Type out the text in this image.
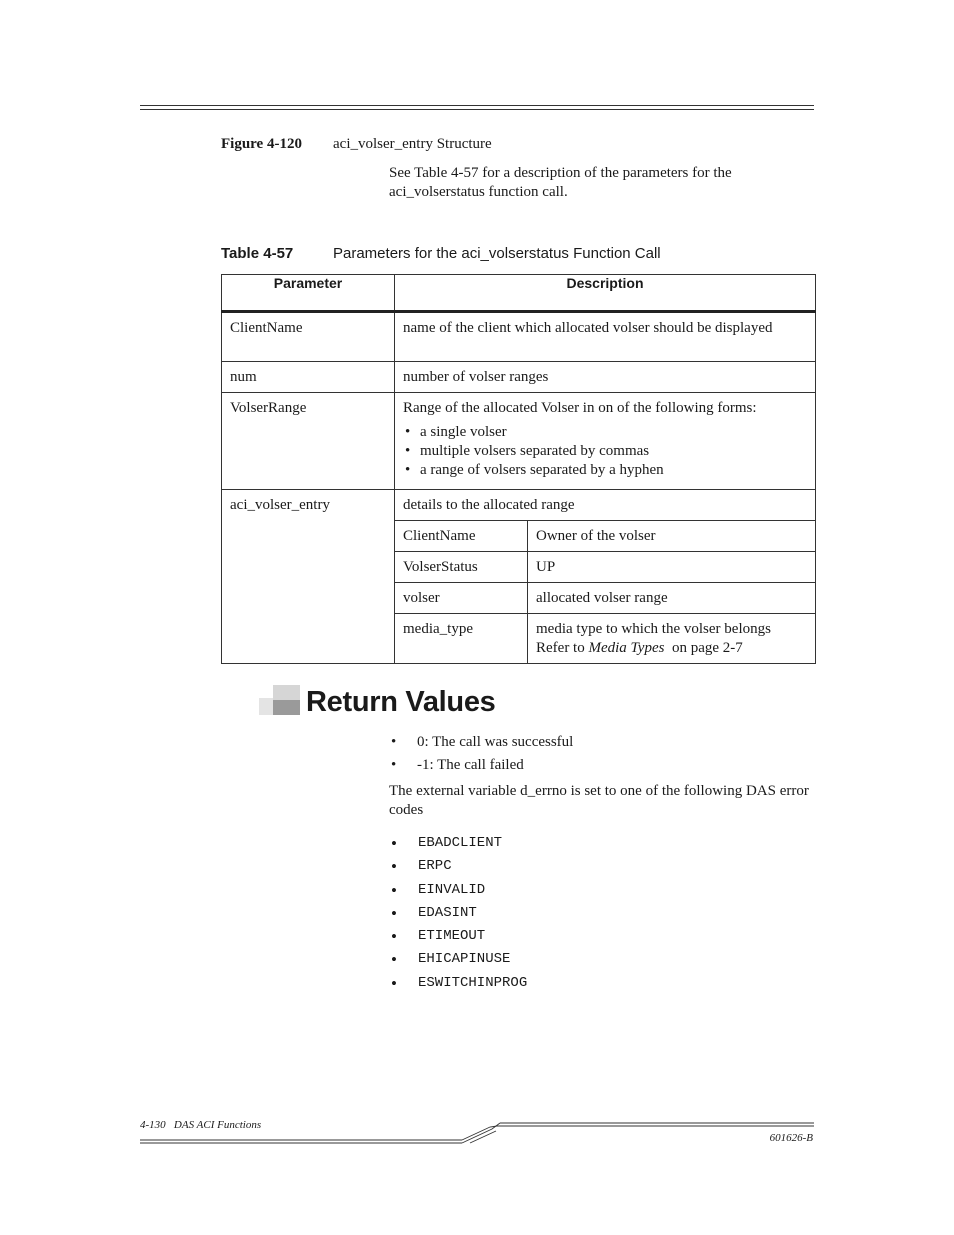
Figure 4-120 aci_volser_entry Structure
See Table 4-57 for a description of the parameters for the aci_volserstatus function call.
Table 4-57	Parameters for the aci_volserstatus Function Call
Parameter	Description

ClientName	name of the client which allocated volser should be displayed

num	number of volser ranges

VolserRange	Range of the allocated Volser in on of the following forms:
• a single volser
• multiple volsers separated by commas
• a range of volsers separated by a hyphen

aci_volser_entry	details to the allocated range
ClientName	Owner of the volser

VolserStatus	UP

volser	allocated volser range

media_type	media type to which the volser belongs
Refer to Media Types  on page 2-7
Return Values
• 0: The call was successful
• -1: The call failed
The external variable d_errno is set to one of the following DAS error codes
• EBADCLIENT
• ERPC
• EINVALID
• EDASINT
• ETIMEOUT
• EHICAPINUSE
• ESWITCHINPROG
4-130 DAS ACI Functions
601626-B
